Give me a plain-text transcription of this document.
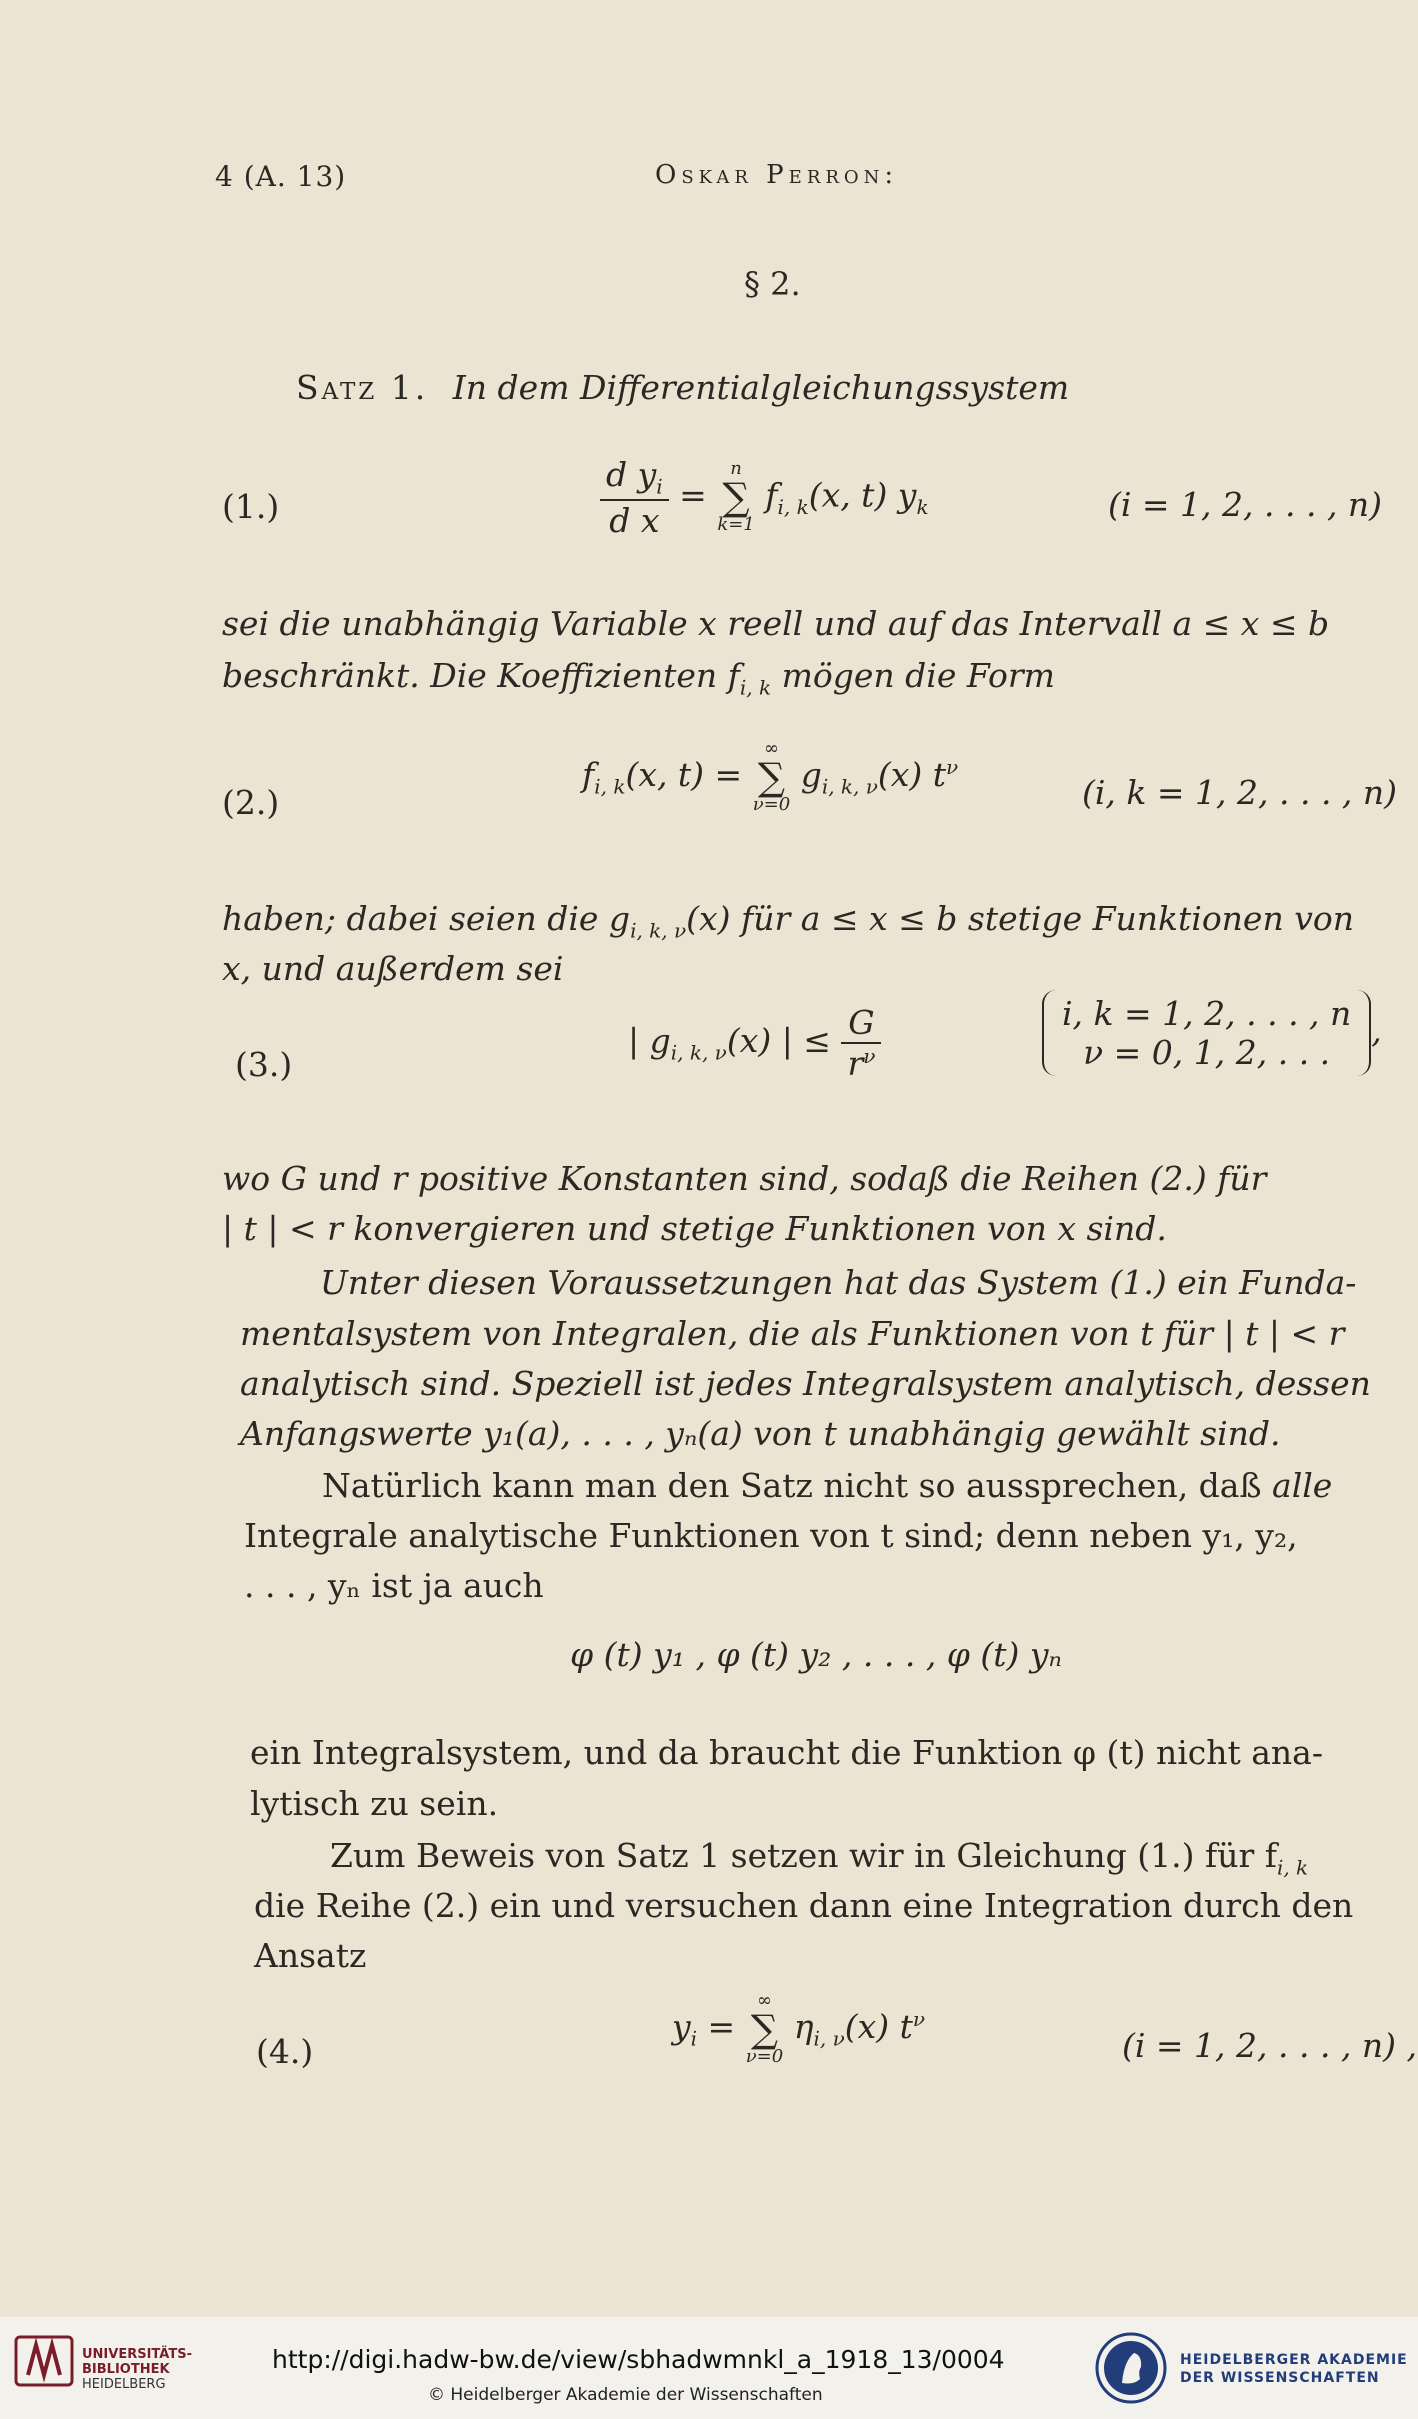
4 (A. 13)	Oskar Perron:
§ 2.
Satz 1. In dem Differentialgleichungssystem
(1.)	$\frac{d y_i}{\text{d x}}$ =
n
∑
k=1
$f_{i, k}(x$, t) $y_k$	(i = 1, 2, . . . , n)
sei die unabhängig Variable x reell und auf das Intervall a ≤ x ≤ b
beschränkt. Die Koeffizienten $f_{i, k}$ mögen die Form
(2.)
$f_{i, k}(x$, t) =
∞
∑
ν=0
$g_{i, k, \nu}(x)$ $t^\nu$
(i, k = 1, 2, . . . , n)
haben; dabei seien die $g_{i, k, \nu}(x)$ für a ≤ x ≤ b stetige Funktionen von
x, und außerdem sei
(3.)
| $g_{i, k, \nu}(x)$ | ≤ $\frac{G}{r^\nu}$	i, k = 1, 2, . . . , n
ν = 0, 1, 2, . . .
,
wo G und r positive Konstanten sind, sodaß die Reihen (2.) für
| t | < r konvergieren und stetige Funktionen von x sind.
Unter diesen Voraussetzungen hat das System (1.) ein Funda-
mentalsystem von Integralen, die als Funktionen von t für | t | < r
analytisch sind. Speziell ist jedes Integralsystem analytisch, dessen
Anfangswerte y₁(a), . . . , yₙ(a) von t unabhängig gewählt sind.
Natürlich kann man den Satz nicht so aussprechen, daß alle
Integrale analytische Funktionen von t sind; denn neben y₁, y₂,
. . . , yₙ ist ja auch
φ (t) y₁ , φ (t) y₂ , . . . , φ (t) yₙ
ein Integralsystem, und da braucht die Funktion φ (t) nicht ana-
lytisch zu sein.
Zum Beweis von Satz 1 setzen wir in Gleichung (1.) für $f_{i, k}$
die Reihe (2.) ein und versuchen dann eine Integration durch den
Ansatz
(4.)
$y_i$ =
∞
∑
ν=0
$\eta_{i, \nu}(x)$ $t^\nu$
(i = 1, 2, . . . , n) ,
UNIVERSITÄTS-
BIBLIOTHEK
HEIDELBERG
http://digi.hadw-bw.de/view/sbhadwmnkl_a_1918_13/0004
© Heidelberger Akademie der Wissenschaften
HEIDELBERGER AKADEMIE
DER WISSENSCHAFTEN
